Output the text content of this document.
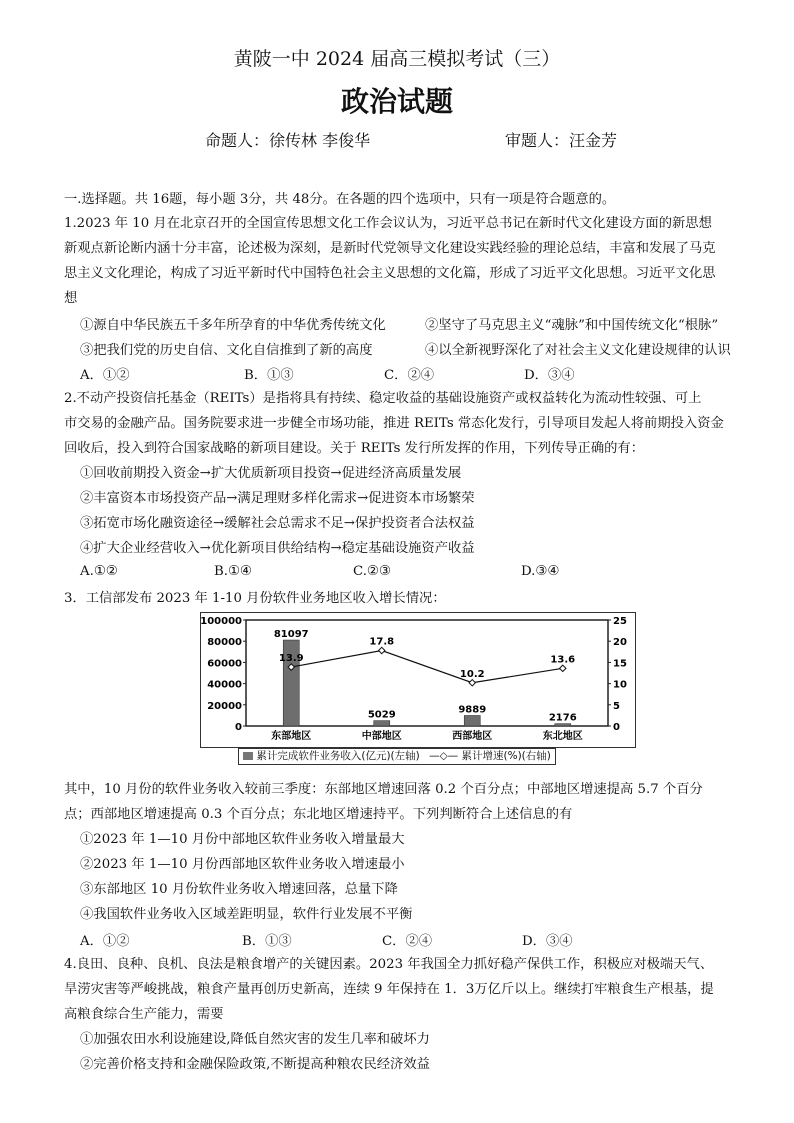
黄陂一中 2024 届高三模拟考试（三）
政治试题
命题人：徐传林 李俊华	审题人：汪金芳
一.选择题。共 16题，每小题 3分，共 48分。在各题的四个选项中，只有一项是符合题意的。
1.2023 年 10 月在北京召开的全国宣传思想文化工作会议认为，习近平总书记在新时代文化建设方面的新思想
新观点新论断内涵十分丰富，论述极为深刻，是新时代党领导文化建设实践经验的理论总结，丰富和发展了马克
思主义文化理论，构成了习近平新时代中国特色社会主义思想的文化篇，形成了习近平文化思想。习近平文化思
想
①源自中华民族五千多年所孕育的中华优秀传统文化	②坚守了马克思主义“魂脉”和中国传统文化“根脉”
③把我们党的历史自信、文化自信推到了新的高度	④以全新视野深化了对社会主义文化建设规律的认识
A．①②	B．①③	C．②④	D．③④
2.不动产投资信托基金（REITs）是指将具有持续、稳定收益的基础设施资产或权益转化为流动性较强、可上
市交易的金融产品。国务院要求进一步健全市场功能，推进 REITs 常态化发行，引导项目发起人将前期投入资金
回收后，投入到符合国家战略的新项目建设。关于 REITs 发行所发挥的作用，下列传导正确的有：
①回收前期投入资金→扩大优质新项目投资→促进经济高质量发展
②丰富资本市场投资产品→满足理财多样化需求→促进资本市场繁荣
③拓宽市场化融资途径→缓解社会总需求不足→保护投资者合法权益
④扩大企业经营收入→优化新项目供给结构→稳定基础设施资产收益
A.①②	B.①④	C.②③	D.③④
3．工信部发布 2023 年 1-10 月份软件业务地区收入增长情况：
100000
80000
60000
40000
20000
0
25
20
15
10
5
0
81097
5029	9889
2176
东部地区	中部地区	西部地区	东北地区
13.9
17.8
10.2
13.6
累计完成软件业务收入(亿元)(左轴) —◇— 累计增速(%)(右轴)
其中，10 月份的软件业务收入较前三季度：东部地区增速回落 0.2 个百分点；中部地区增速提高 5.7 个百分
点；西部地区增速提高 0.3 个百分点；东北地区增速持平。下列判断符合上述信息的有
①2023 年 1—10 月份中部地区软件业务收入增量最大
②2023 年 1—10 月份西部地区软件业务收入增速最小
③东部地区 10 月份软件业务收入增速回落，总量下降
④我国软件业务收入区域差距明显，软件行业发展不平衡
A．①②	B．①③	C．②④	D．③④
4.良田、良种、良机、良法是粮食增产的关键因素。2023 年我国全力抓好稳产保供工作，积极应对极端天气、
旱涝灾害等严峻挑战，粮食产量再创历史新高，连续 9 年保持在 1．3万亿斤以上。继续打牢粮食生产根基，提
高粮食综合生产能力，需要
①加强农田水利设施建设,降低自然灾害的发生几率和破坏力
②完善价格支持和金融保险政策,不断提高种粮农民经济效益
